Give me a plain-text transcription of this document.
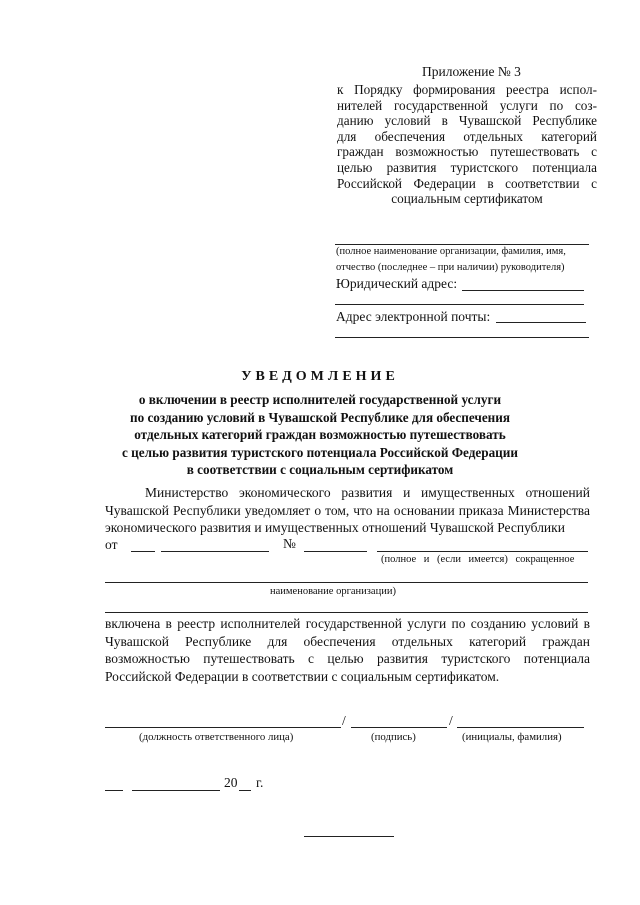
Приложение № 3
к Порядку формирования реестра испол-
нителей государственной услуги по соз-
данию условий в Чувашской Республике
для обеспечения отдельных категорий
граждан возможностью путешествовать с
целью развития туристского потенциала
Российской Федерации в соответствии с
социальным сертификатом
(полное наименование организации, фамилия, имя,
отчество (последнее – при наличии) руководителя)
Юридический адрес:
Адрес электронной почты:
УВЕДОМЛЕНИЕ
о включении в реестр исполнителей государственной услуги
по созданию условий в Чувашской Республике для обеспечения
отдельных категорий граждан возможностью путешествовать
с целью развития туристского потенциала Российской Федерации
в соответствии с социальным сертификатом
Министерство экономического развития и имущественных отношений Чувашской Республики уведомляет о том, что на основании приказа Министерства экономического развития и имущественных отношений Чувашской Республики
от	№
(полное и (если имеется) сокращенное
наименование организации)
включена в реестр исполнителей государственной услуги по созданию условий в Чувашской Республике для обеспечения отдельных категорий граждан возможностью путешествовать с целью развития туристского потенциала Российской Федерации в соответствии с социальным сертификатом.
/	/
(должность ответственного лица)	(подпись)	(инициалы, фамилия)
20 г.
